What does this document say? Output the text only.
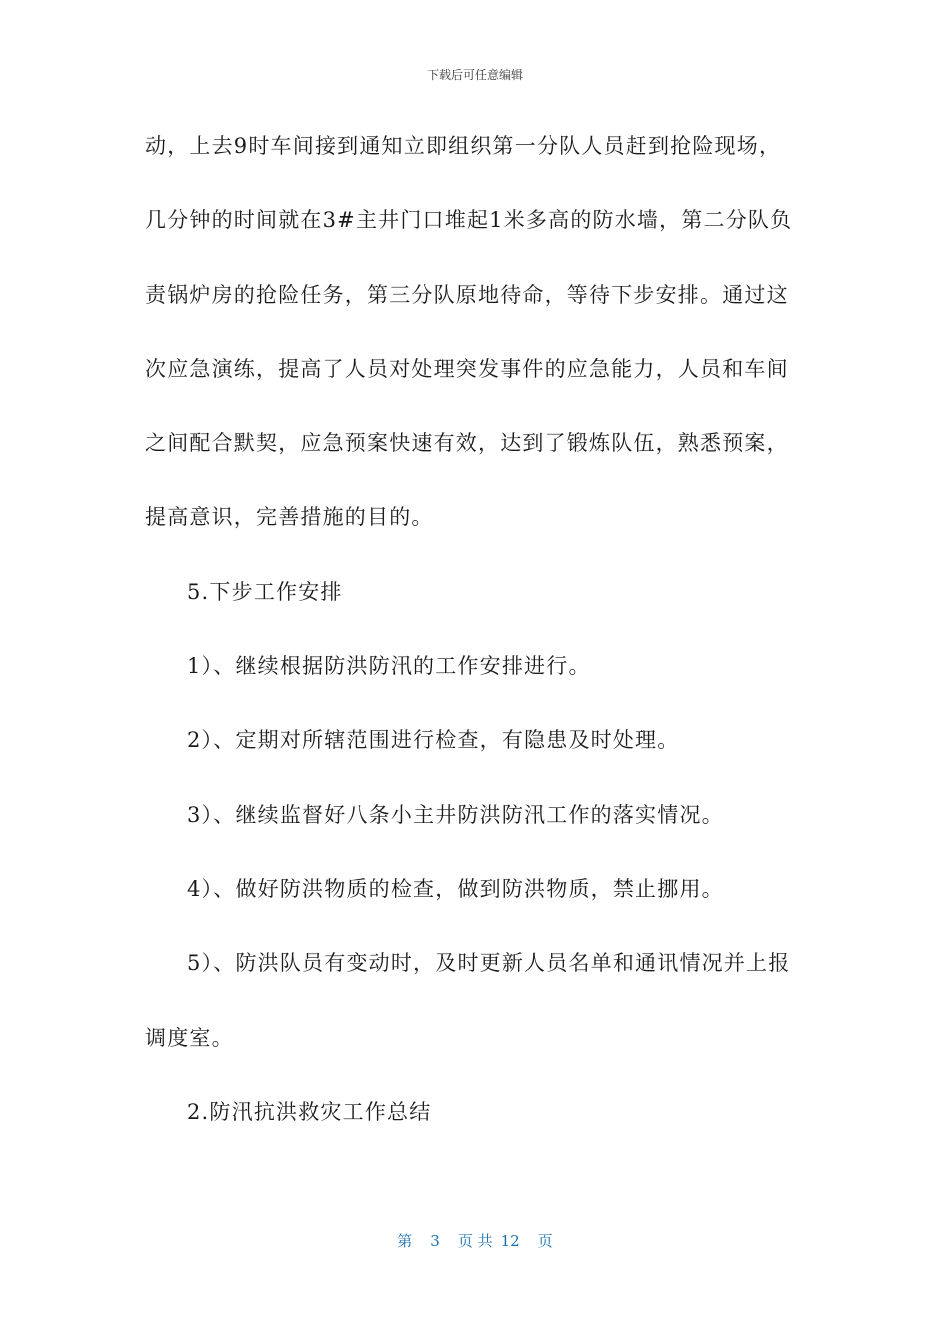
下载后可任意编辑
动，上去9时车间接到通知立即组织第一分队人员赶到抢险现场，
几分钟的时间就在3#主井门口堆起1米多高的防水墙，第二分队负
责锅炉房的抢险任务，第三分队原地待命，等待下步安排。通过这
次应急演练，提高了人员对处理突发事件的应急能力，人员和车间
之间配合默契，应急预案快速有效，达到了锻炼队伍，熟悉预案，
提高意识，完善措施的目的。
5.下步工作安排
1）、继续根据防洪防汛的工作安排进行。
2）、定期对所辖范围进行检查，有隐患及时处理。
3）、继续监督好八条小主井防洪防汛工作的落实情况。
4）、做好防洪物质的检查，做到防洪物质，禁止挪用。
5）、防洪队员有变动时，及时更新人员名单和通讯情况并上报
调度室。
2.防汛抗洪救灾工作总结
第 3 页 共 12 页
